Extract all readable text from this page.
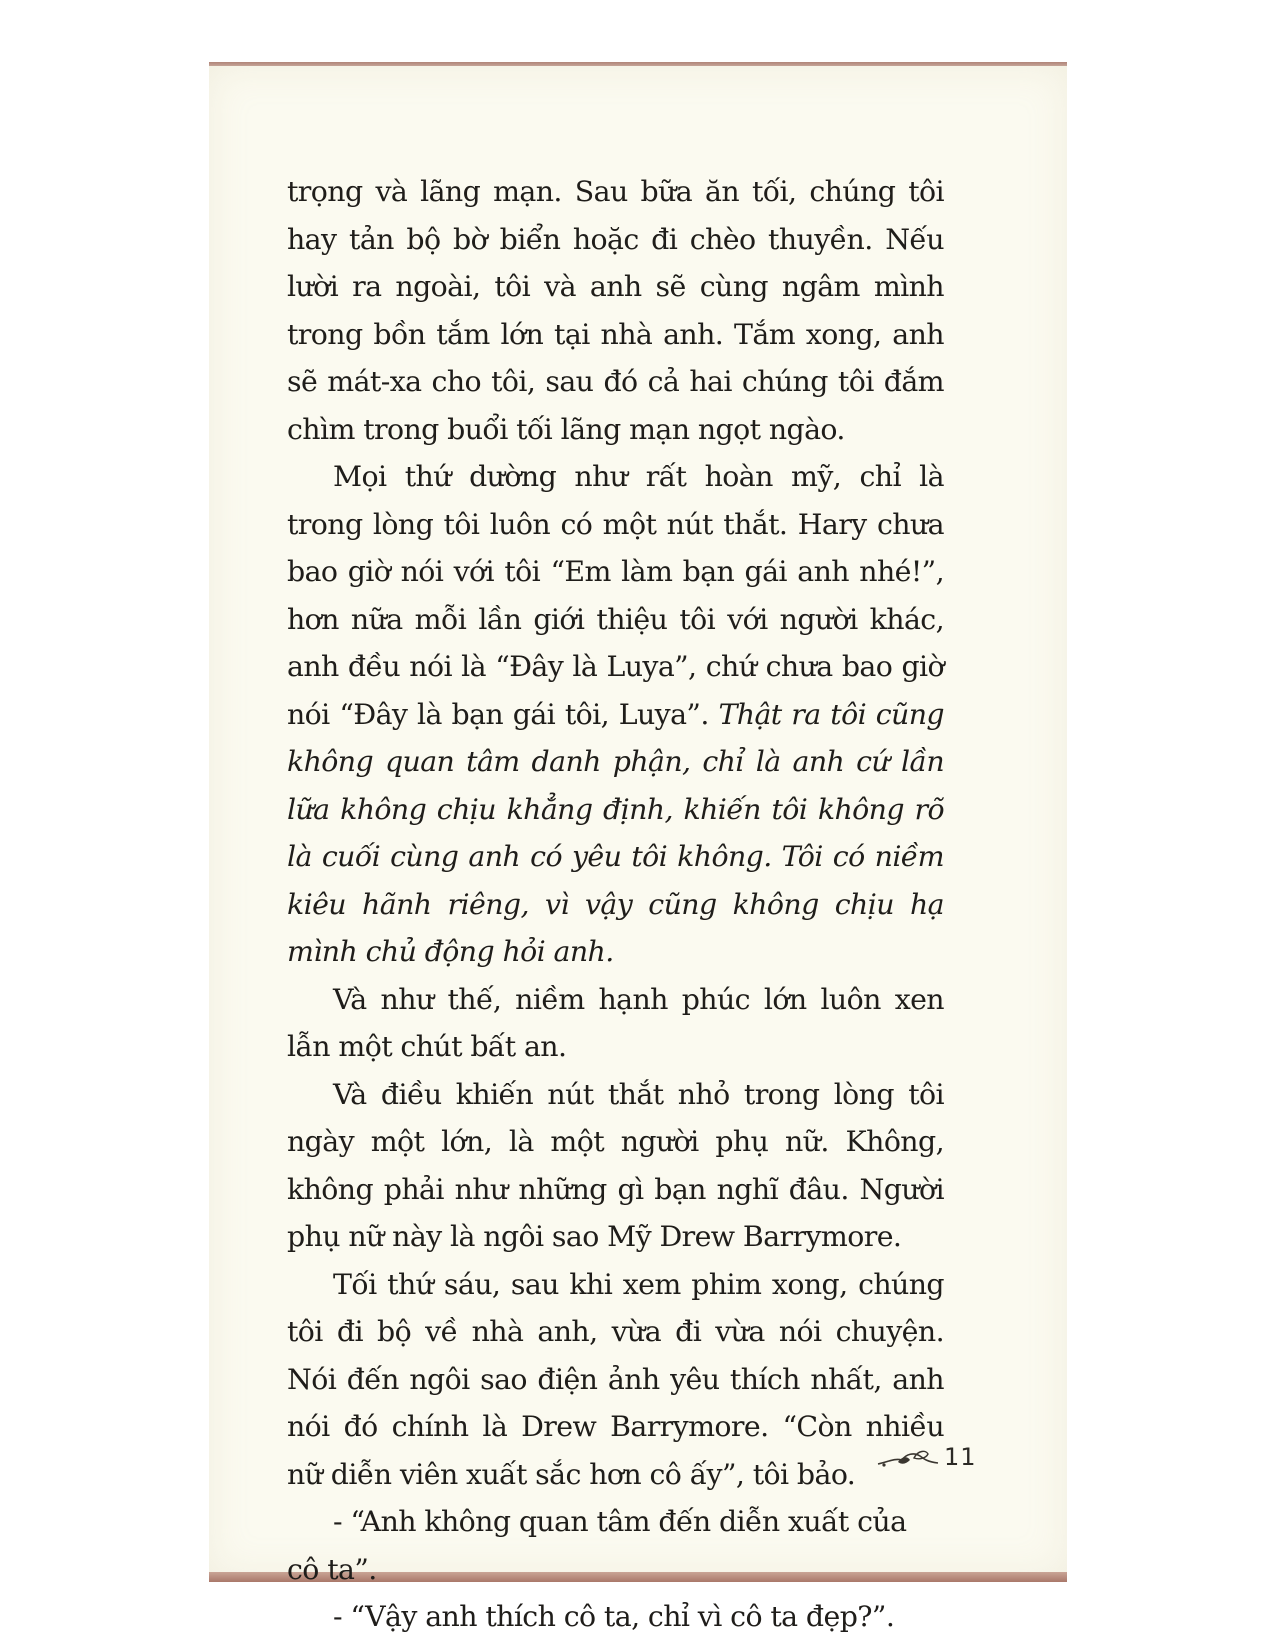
trọng và lãng mạn. Sau bữa ăn tối, chúng tôi hay tản bộ bờ biển hoặc đi chèo thuyền. Nếu lười ra ngoài, tôi và anh sẽ cùng ngâm mình trong bồn tắm lớn tại nhà anh. Tắm xong, anh sẽ mát-xa cho tôi, sau đó cả hai chúng tôi đắm chìm trong buổi tối lãng mạn ngọt ngào.

Mọi thứ dường như rất hoàn mỹ, chỉ là trong lòng tôi luôn có một nút thắt. Hary chưa bao giờ nói với tôi “Em làm bạn gái anh nhé!”, hơn nữa mỗi lần giới thiệu tôi với người khác, anh đều nói là “Đây là Luya”, chứ chưa bao giờ nói “Đây là bạn gái tôi, Luya”. Thật ra tôi cũng không quan tâm danh phận, chỉ là anh cứ lần lữa không chịu khẳng định, khiến tôi không rõ là cuối cùng anh có yêu tôi không. Tôi có niềm kiêu hãnh riêng, vì vậy cũng không chịu hạ mình chủ động hỏi anh.

Và như thế, niềm hạnh phúc lớn luôn xen lẫn một chút bất an.

Và điều khiến nút thắt nhỏ trong lòng tôi ngày một lớn, là một người phụ nữ. Không, không phải như những gì bạn nghĩ đâu. Người phụ nữ này là ngôi sao Mỹ Drew Barrymore.

Tối thứ sáu, sau khi xem phim xong, chúng tôi đi bộ về nhà anh, vừa đi vừa nói chuyện. Nói đến ngôi sao điện ảnh yêu thích nhất, anh nói đó chính là Drew Barrymore. “Còn nhiều nữ diễn viên xuất sắc hơn cô ấy”, tôi bảo.

- “Anh không quan tâm đến diễn xuất của cô ta”.

- “Vậy anh thích cô ta, chỉ vì cô ta đẹp?”.

11
